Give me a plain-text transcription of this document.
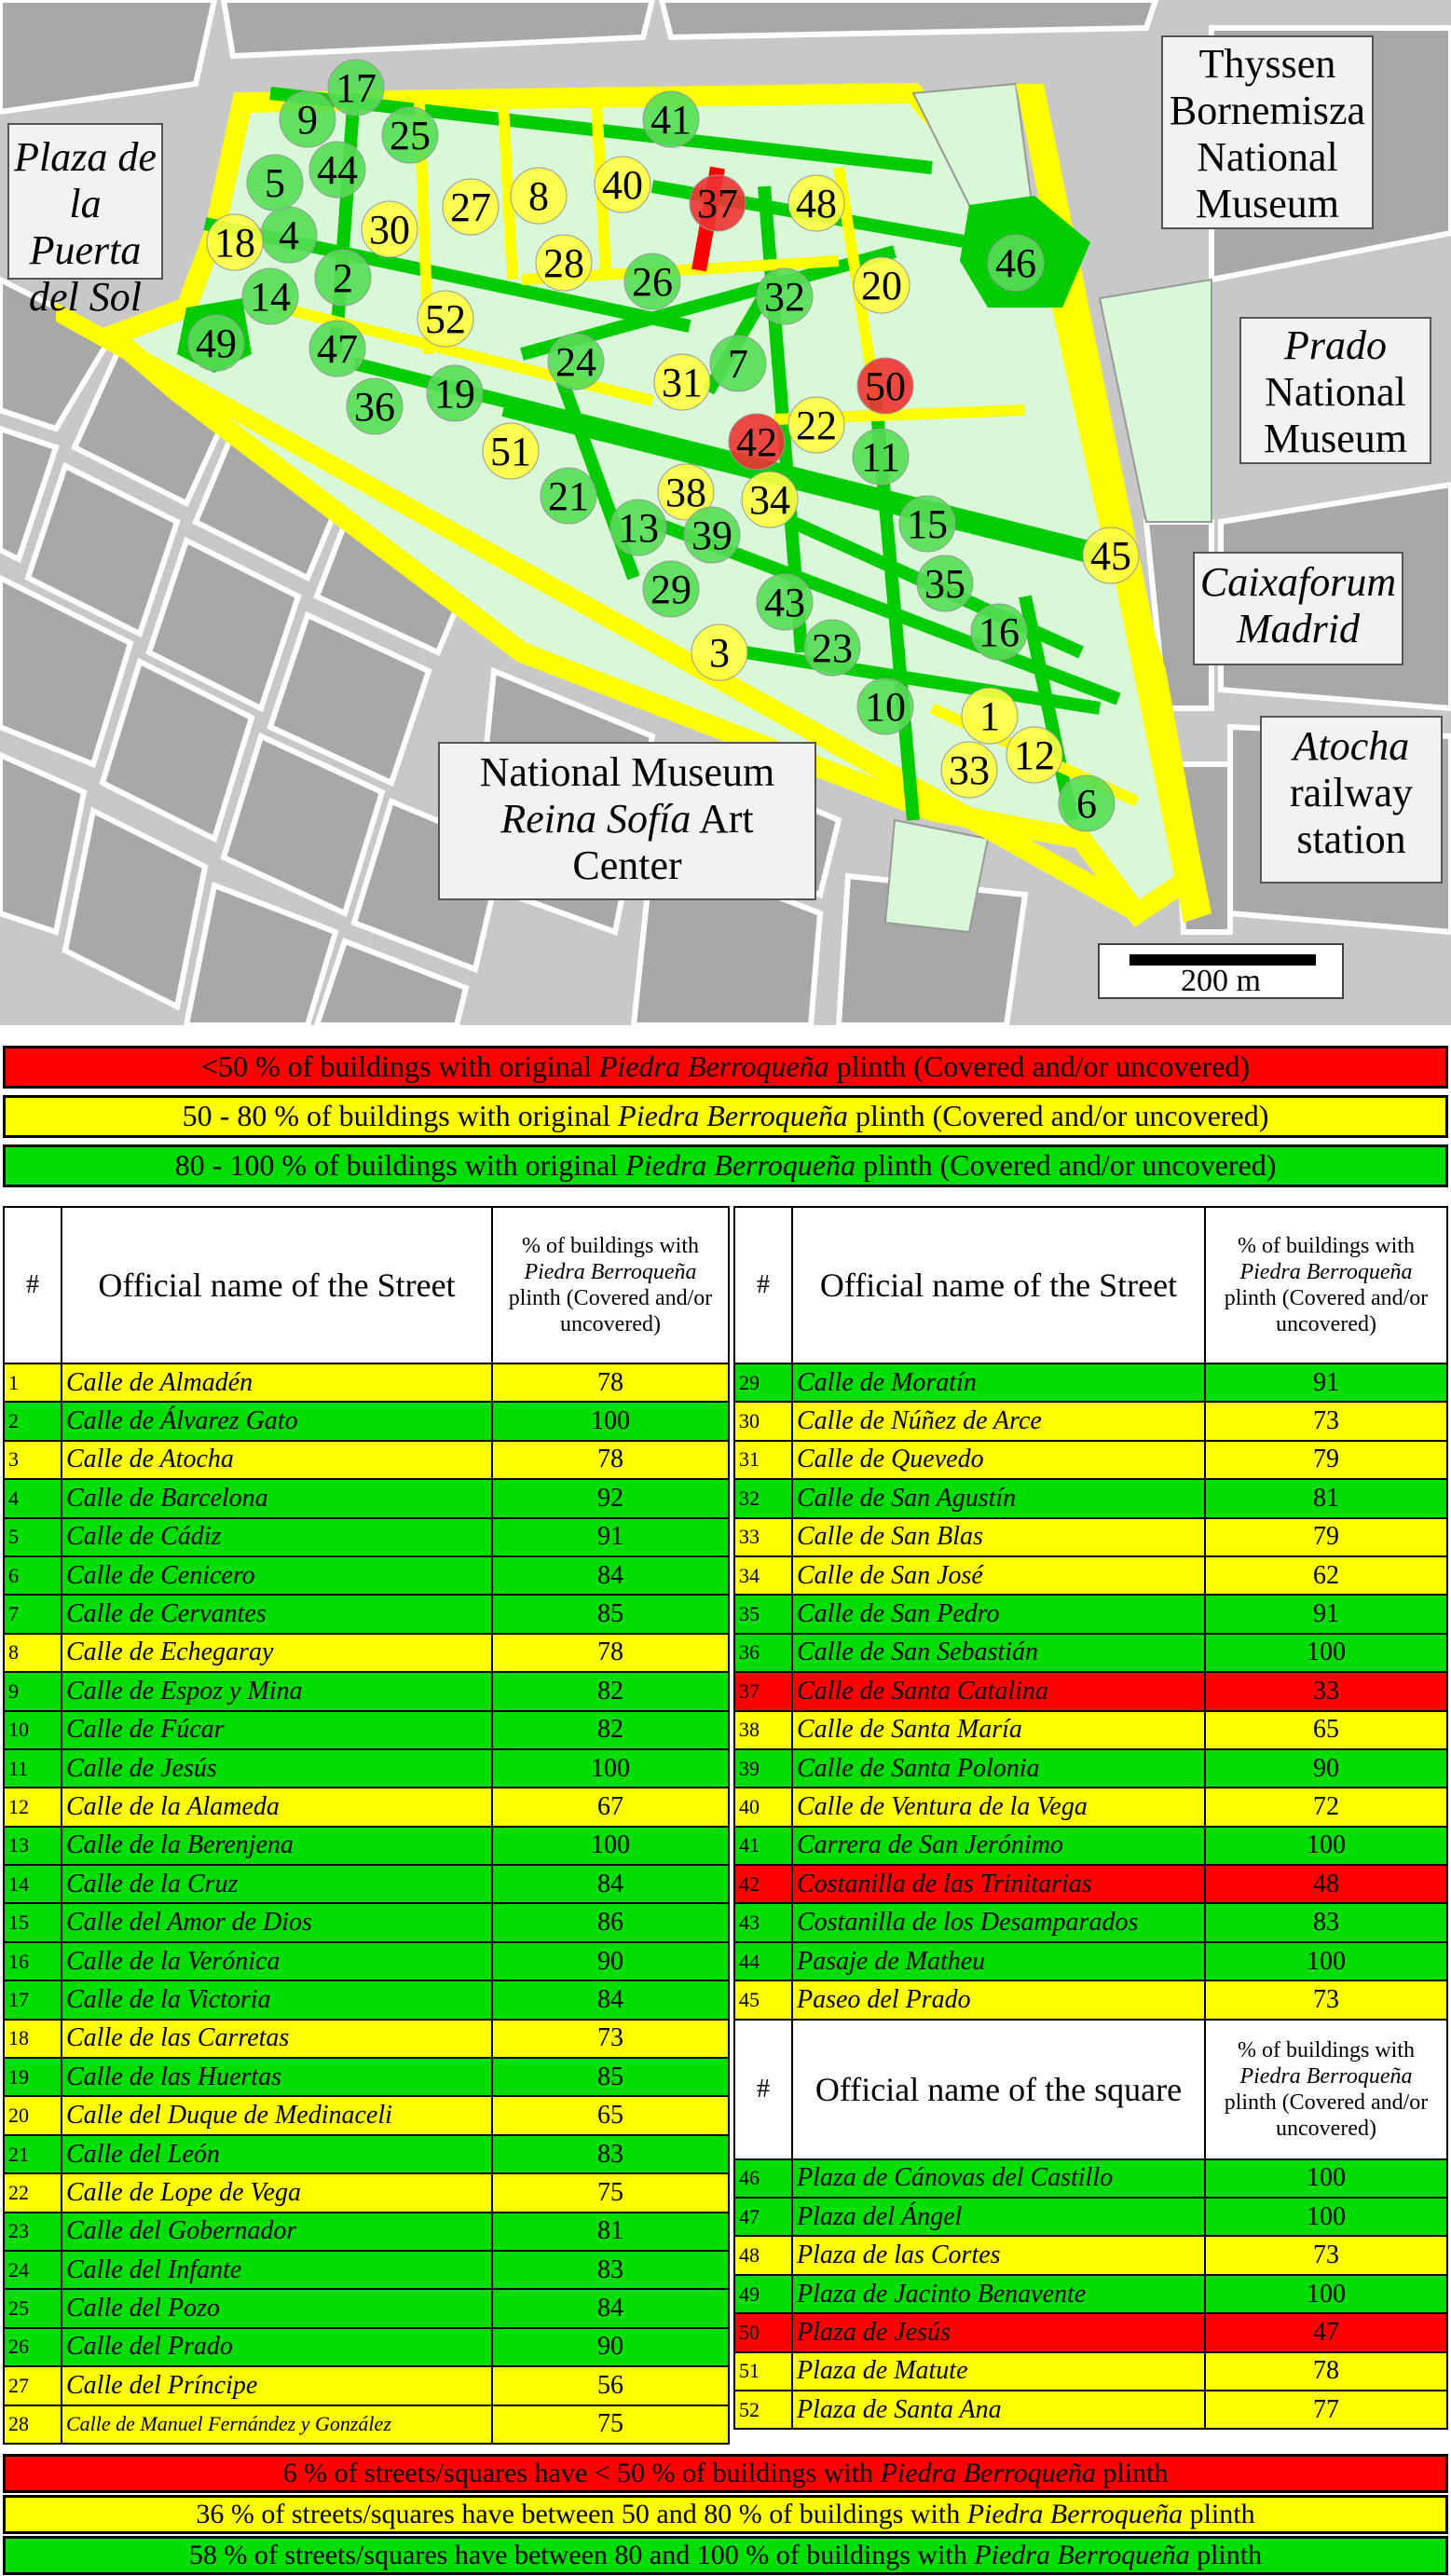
1
2
3
4
5
6
7
8
9
10
11
12
13
14
15
16
17
18
19
20
21
22
23
24
25
26
27
28
29
30
31
32
33
34
35
36
37
38
39
40
41
42
43
44
45
46
47
48
49
50
51
52
Plaza de
la Puerta
del Sol
Thyssen
Bornemisza
National
Museum
Prado
National
Museum
Caixaforum
Madrid
National Museum
Reina Sofía Art
Center
Atocha
railway
station
200 m
<50 % of buildings with original Piedra Berroqueña plinth (Covered and/or uncovered)
50 - 80 % of buildings with original Piedra Berroqueña plinth (Covered and/or uncovered)
80 - 100 % of buildings with original Piedra Berroqueña plinth (Covered and/or uncovered)
#	Official name of the Street	% of buildings with
Piedra Berroqueña
plinth (Covered and/or uncovered)
1	Calle de Almadén	78
2	Calle de Álvarez Gato	100
3	Calle de Atocha	78
4	Calle de Barcelona	92
5	Calle de Cádiz	91
6	Calle de Cenicero	84
7	Calle de Cervantes	85
8	Calle de Echegaray	78
9	Calle de Espoz y Mina	82
10	Calle de Fúcar	82
11	Calle de Jesús	100
12	Calle de la Alameda	67
13	Calle de la Berenjena	100
14	Calle de la Cruz	84
15	Calle del Amor de Dios	86
16	Calle de la Verónica	90
17	Calle de la Victoria	84
18	Calle de las Carretas	73
19	Calle de las Huertas	85
20	Calle del Duque de Medinaceli	65
21	Calle del León	83
22	Calle de Lope de Vega	75
23	Calle del Gobernador	81
24	Calle del Infante	83
25	Calle del Pozo	84
26	Calle del Prado	90
27	Calle del Príncipe	56
28	Calle de Manuel Fernández y González	75
#	Official name of the Street	% of buildings with
Piedra Berroqueña
plinth (Covered and/or uncovered)
29	Calle de Moratín	91
30	Calle de Núñez de Arce	73
31	Calle de Quevedo	79
32	Calle de San Agustín	81
33	Calle de San Blas	79
34	Calle de San José	62
35	Calle de San Pedro	91
36	Calle de San Sebastián	100
37	Calle de Santa Catalina	33
38	Calle de Santa María	65
39	Calle de Santa Polonia	90
40	Calle de Ventura de la Vega	72
41	Carrera de San Jerónimo	100
42	Costanilla de las Trinitarias	48
43	Costanilla de los Desamparados	83
44	Pasaje de Matheu	100
45	Paseo del Prado	73
#	Official name of the square	% of buildings with
Piedra Berroqueña
plinth (Covered and/or uncovered)
46	Plaza de Cánovas del Castillo	100
47	Plaza del Ángel	100
48	Plaza de las Cortes	73
49	Plaza de Jacinto Benavente	100
50	Plaza de Jesús	47
51	Plaza de Matute	78
52	Plaza de Santa Ana	77
6 % of streets/squares have < 50 % of buildings with Piedra Berroqueña plinth
36 % of streets/squares have between 50 and 80 % of buildings with Piedra Berroqueña plinth
58 % of streets/squares have between 80 and 100 % of buildings with Piedra Berroqueña plinth
